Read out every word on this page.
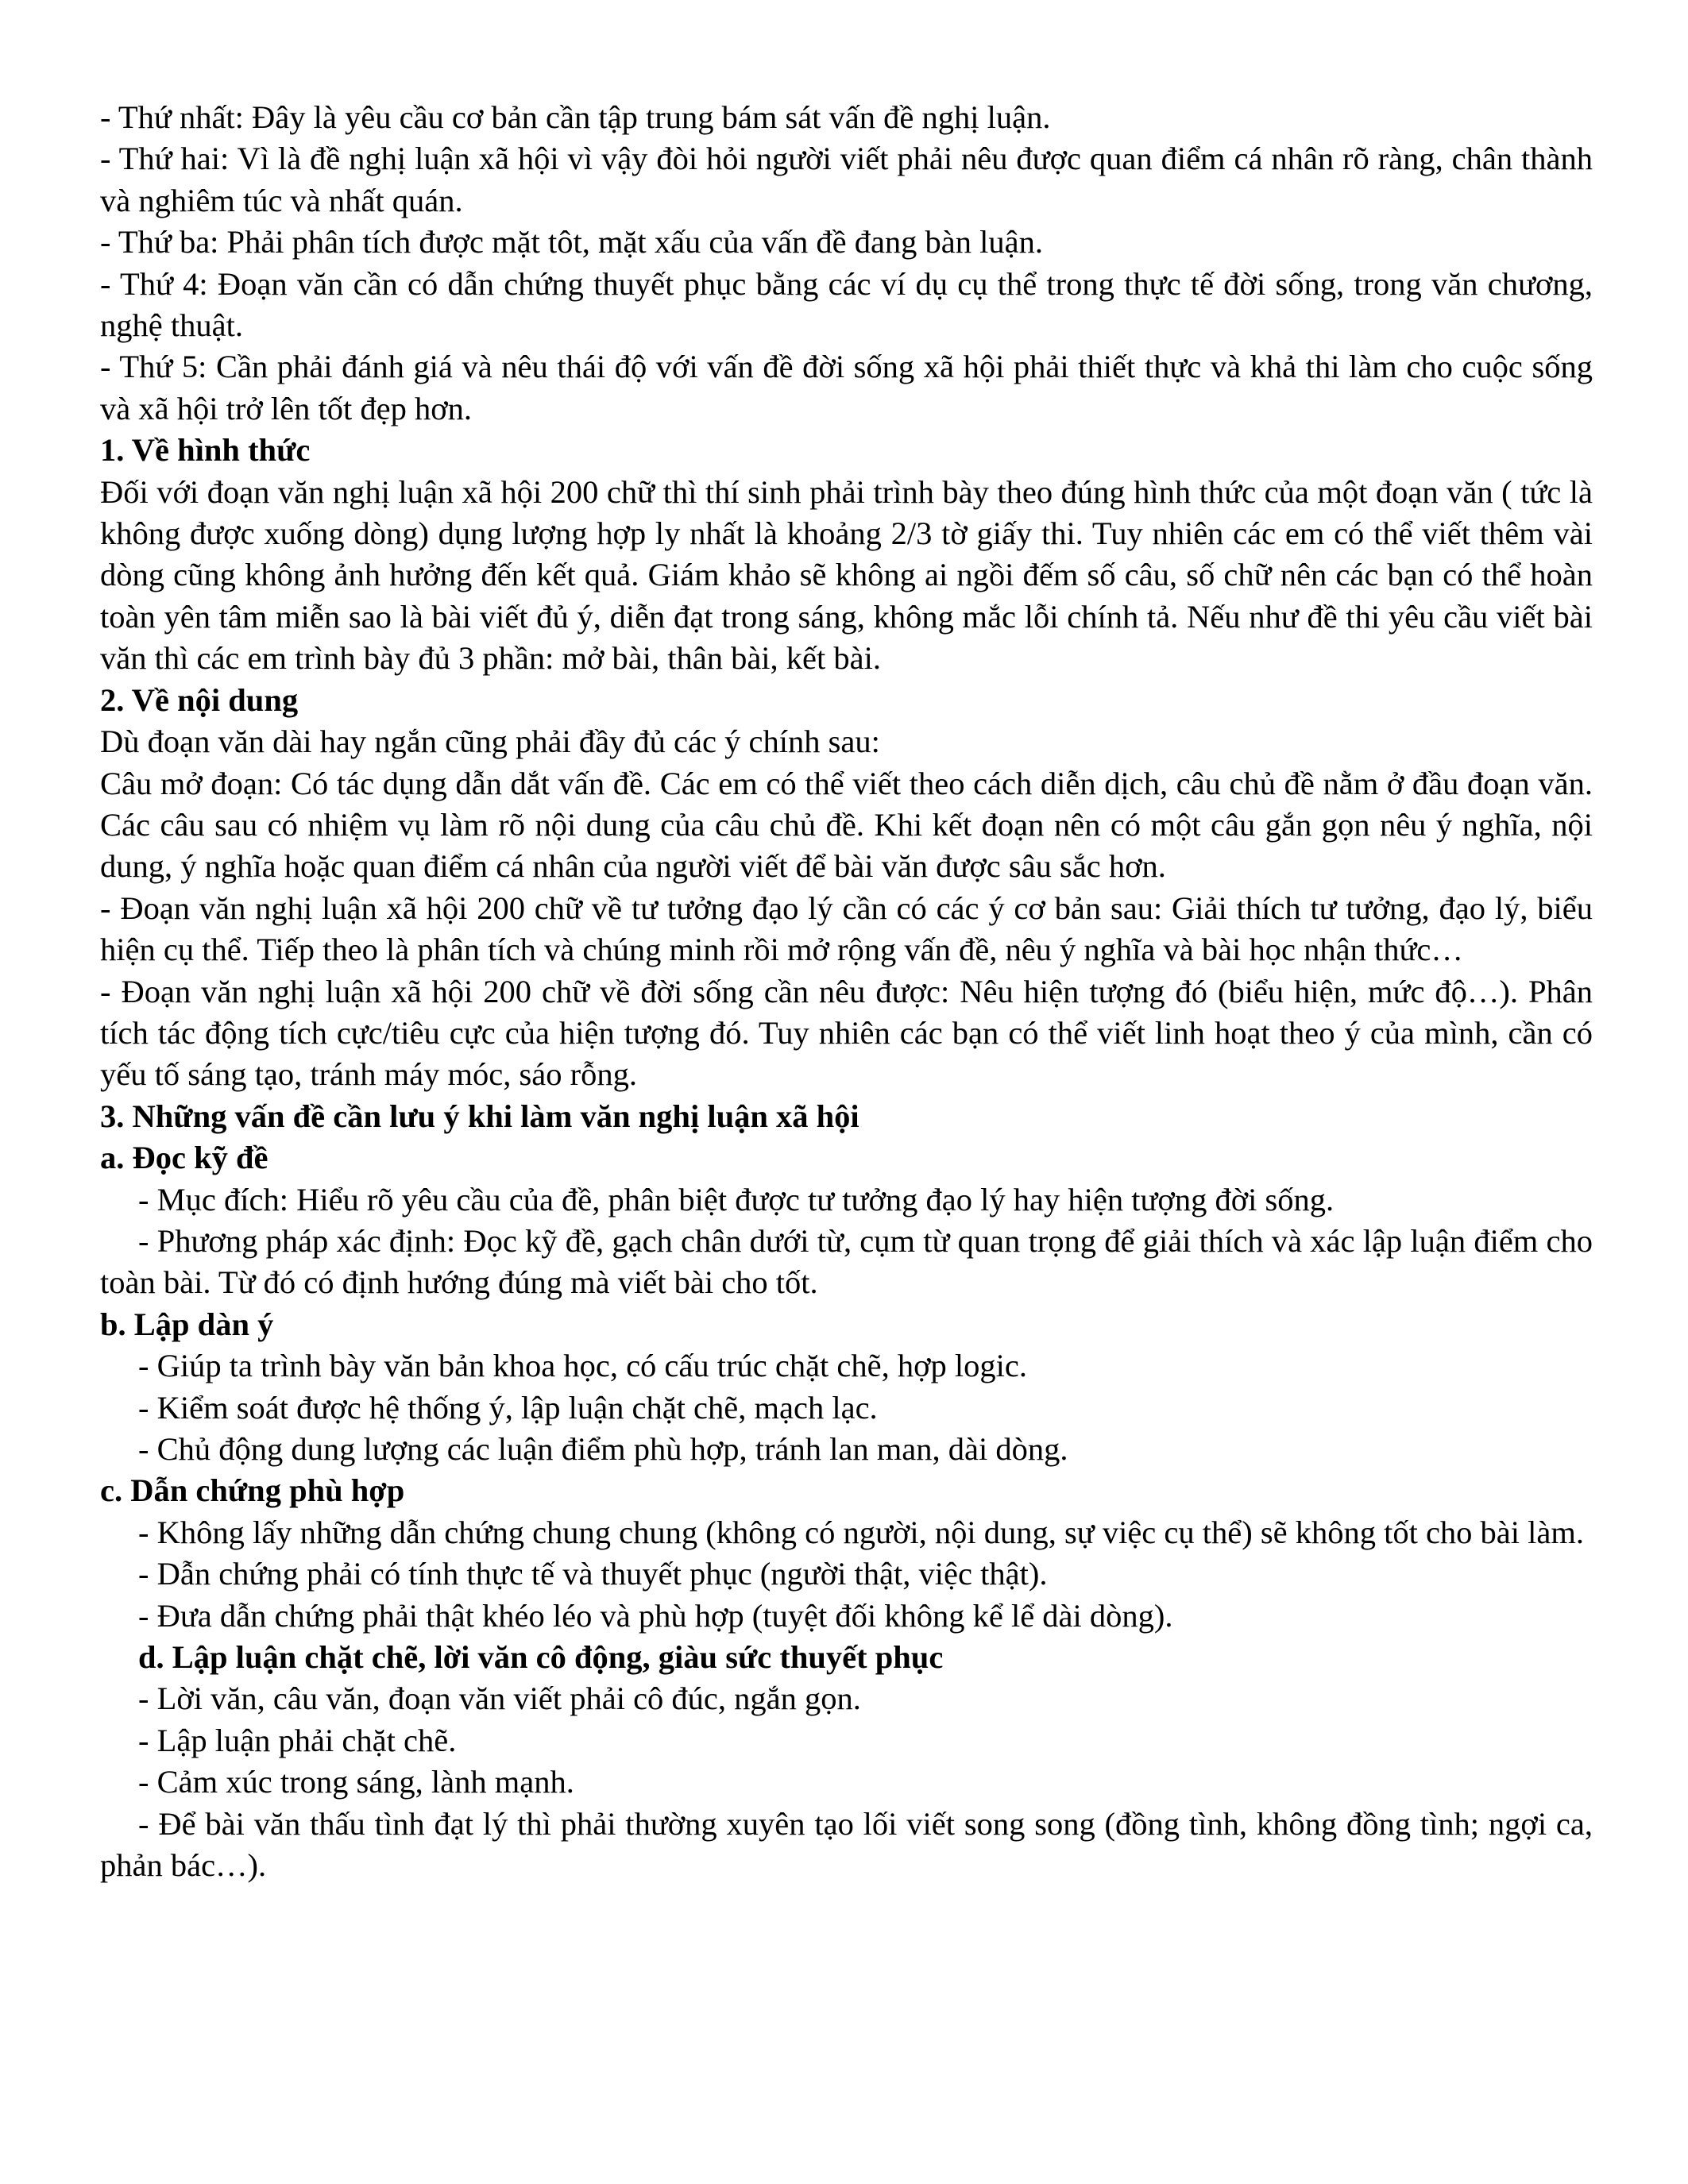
- Thứ nhất: Đây là yêu cầu cơ bản cần tập trung bám sát vấn đề nghị luận.

- Thứ hai: Vì là đề nghị luận xã hội vì vậy đòi hỏi người viết phải nêu được quan điểm cá nhân rõ ràng, chân thành và nghiêm túc và nhất quán.

- Thứ ba: Phải phân tích được mặt tôt, mặt xấu của vấn đề đang bàn luận.

- Thứ 4: Đoạn văn cần có dẫn chứng thuyết phục bằng các ví dụ cụ thể trong thực tế đời sống, trong văn chương, nghệ thuật.

- Thứ 5: Cần phải đánh giá và nêu thái độ với vấn đề đời sống xã hội phải thiết thực và khả thi làm cho cuộc sống và xã hội trở lên tốt đẹp hơn.

1. Về hình thức

Đối với đoạn văn nghị luận xã hội 200 chữ thì thí sinh phải trình bày theo đúng hình thức của một đoạn văn ( tức là không được xuống dòng) dụng lượng hợp ly nhất là khoảng 2/3 tờ giấy thi. Tuy nhiên các em có thể viết thêm vài dòng cũng không ảnh hưởng đến kết quả. Giám khảo sẽ không ai ngồi đếm số câu, số chữ nên các bạn có thể hoàn toàn yên tâm miễn sao là bài viết đủ ý, diễn đạt trong sáng, không mắc lỗi chính tả. Nếu như đề thi yêu cầu viết bài văn thì các em trình bày đủ 3 phần: mở bài, thân bài, kết bài.

2. Về nội dung

Dù đoạn văn dài hay ngắn cũng phải đầy đủ các ý chính sau:

Câu mở đoạn: Có tác dụng dẫn dắt vấn đề. Các em có thể viết theo cách diễn dịch, câu chủ đề nằm ở đầu đoạn văn. Các câu sau có nhiệm vụ làm rõ nội dung của câu chủ đề. Khi kết đoạn nên có một câu gắn gọn nêu ý nghĩa, nội dung, ý nghĩa hoặc quan điểm cá nhân của người viết để bài văn được sâu sắc hơn.

- Đoạn văn nghị luận xã hội 200 chữ về tư tưởng đạo lý cần có các ý cơ bản sau: Giải thích tư tưởng, đạo lý, biểu hiện cụ thể. Tiếp theo là phân tích và chúng minh rồi mở rộng vấn đề, nêu ý nghĩa và bài học nhận thức…

- Đoạn văn nghị luận xã hội 200 chữ về đời sống cần nêu được: Nêu hiện tượng đó (biểu hiện, mức độ…). Phân tích tác động tích cực/tiêu cực của hiện tượng đó. Tuy nhiên các bạn có thể viết linh hoạt theo ý của mình, cần có yếu tố sáng tạo, tránh máy móc, sáo rỗng.

3. Những vấn đề cần lưu ý khi làm văn nghị luận xã hội

a. Đọc kỹ đề

- Mục đích: Hiểu rõ yêu cầu của đề, phân biệt được tư tưởng đạo lý hay hiện tượng đời sống.

- Phương pháp xác định: Đọc kỹ đề, gạch chân dưới từ, cụm từ quan trọng để giải thích và xác lập luận điểm cho toàn bài. Từ đó có định hướng đúng mà viết bài cho tốt.

b. Lập dàn ý

- Giúp ta trình bày văn bản khoa học, có cấu trúc chặt chẽ, hợp logic.

- Kiểm soát được hệ thống ý, lập luận chặt chẽ, mạch lạc.

- Chủ động dung lượng các luận điểm phù hợp, tránh lan man, dài dòng.

c. Dẫn chứng phù hợp

- Không lấy những dẫn chứng chung chung (không có người, nội dung, sự việc cụ thể) sẽ không tốt cho bài làm.

- Dẫn chứng phải có tính thực tế và thuyết phục (người thật, việc thật).

- Đưa dẫn chứng phải thật khéo léo và phù hợp (tuyệt đối không kể lể dài dòng).

d. Lập luận chặt chẽ, lời văn cô động, giàu sức thuyết phục

- Lời văn, câu văn, đoạn văn viết phải cô đúc, ngắn gọn.

- Lập luận phải chặt chẽ.

- Cảm xúc trong sáng, lành mạnh.

- Để bài văn thấu tình đạt lý thì phải thường xuyên tạo lối viết song song (đồng tình, không đồng tình; ngợi ca, phản bác…).
